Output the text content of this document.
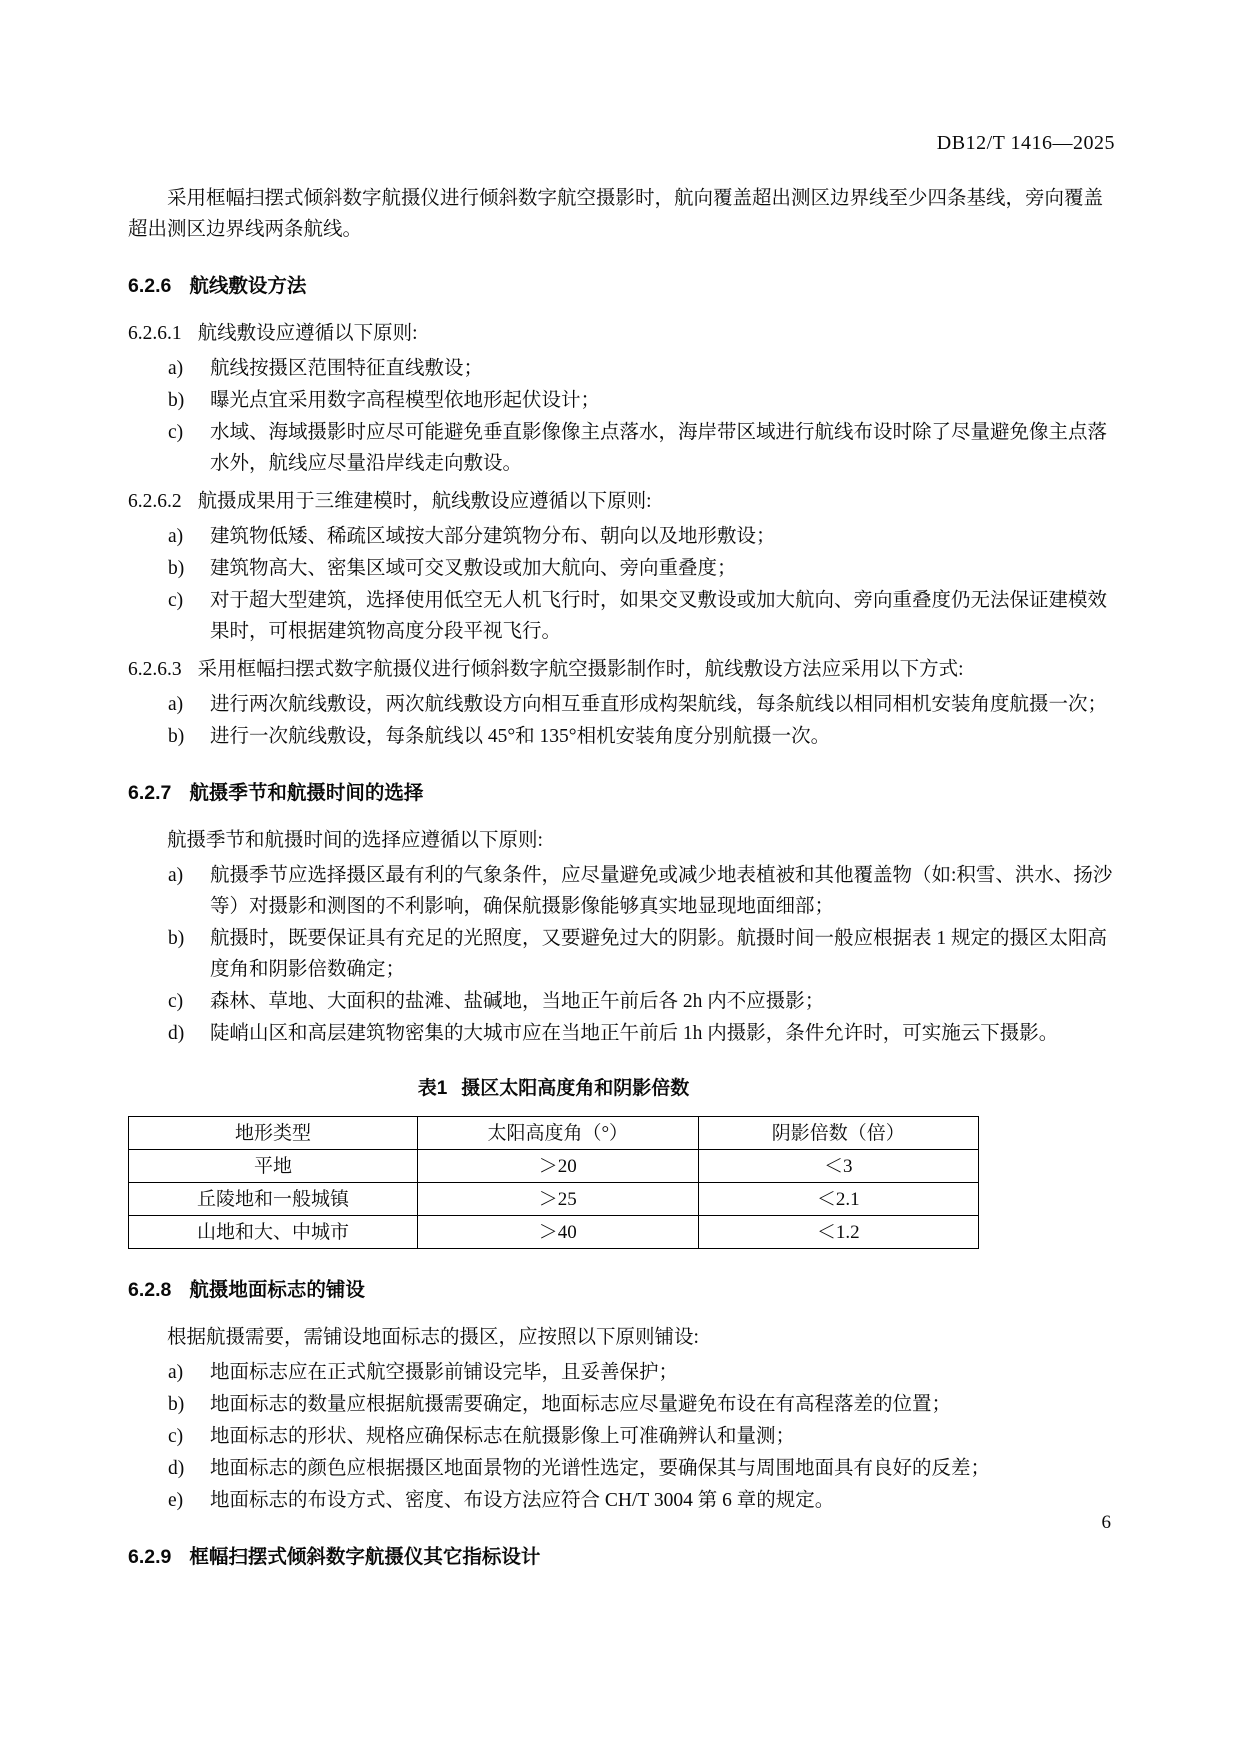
DB12/T 1416—2025

采用框幅扫摆式倾斜数字航摄仪进行倾斜数字航空摄影时，航向覆盖超出测区边界线至少四条基线，旁向覆盖超出测区边界线两条航线。

6.2.6 航线敷设方法

6.2.6.1 航线敷设应遵循以下原则:

a)	航线按摄区范围特征直线敷设；
b)	曝光点宜采用数字高程模型依地形起伏设计；
c)	水域、海域摄影时应尽可能避免垂直影像像主点落水，海岸带区域进行航线布设时除了尽量避免像主点落水外，航线应尽量沿岸线走向敷设。

6.2.6.2 航摄成果用于三维建模时，航线敷设应遵循以下原则:

a)	建筑物低矮、稀疏区域按大部分建筑物分布、朝向以及地形敷设；
b)	建筑物高大、密集区域可交叉敷设或加大航向、旁向重叠度；
c)	对于超大型建筑，选择使用低空无人机飞行时，如果交叉敷设或加大航向、旁向重叠度仍无法保证建模效果时，可根据建筑物高度分段平视飞行。

6.2.6.3 采用框幅扫摆式数字航摄仪进行倾斜数字航空摄影制作时，航线敷设方法应采用以下方式:

a)	进行两次航线敷设，两次航线敷设方向相互垂直形成构架航线，每条航线以相同相机安装角度航摄一次；
b)	进行一次航线敷设，每条航线以 45°和 135°相机安装角度分别航摄一次。
6.2.7 航摄季节和航摄时间的选择

航摄季节和航摄时间的选择应遵循以下原则:

a)	航摄季节应选择摄区最有利的气象条件，应尽量避免或减少地表植被和其他覆盖物（如:积雪、洪水、扬沙等）对摄影和测图的不利影响，确保航摄影像能够真实地显现地面细部；
b)	航摄时，既要保证具有充足的光照度，又要避免过大的阴影。航摄时间一般应根据表 1 规定的摄区太阳高度角和阴影倍数确定；
c)	森林、草地、大面积的盐滩、盐碱地，当地正午前后各 2h 内不应摄影；
d)	陡峭山区和高层建筑物密集的大城市应在当地正午前后 1h 内摄影，条件允许时，可实施云下摄影。
表1 摄区太阳高度角和阴影倍数
地形类型	太阳高度角（°）	阴影倍数（倍）
平地	＞20	＜3
丘陵地和一般城镇	＞25	＜2.1
山地和大、中城市	＞40	＜1.2
6.2.8 航摄地面标志的铺设

根据航摄需要，需铺设地面标志的摄区，应按照以下原则铺设:

a)	地面标志应在正式航空摄影前铺设完毕，且妥善保护；
b)	地面标志的数量应根据航摄需要确定，地面标志应尽量避免布设在有高程落差的位置；
c)	地面标志的形状、规格应确保标志在航摄影像上可准确辨认和量测；
d)	地面标志的颜色应根据摄区地面景物的光谱性选定，要确保其与周围地面具有良好的反差；
e)	地面标志的布设方式、密度、布设方法应符合 CH/T 3004 第 6 章的规定。
6.2.9 框幅扫摆式倾斜数字航摄仪其它指标设计
6
